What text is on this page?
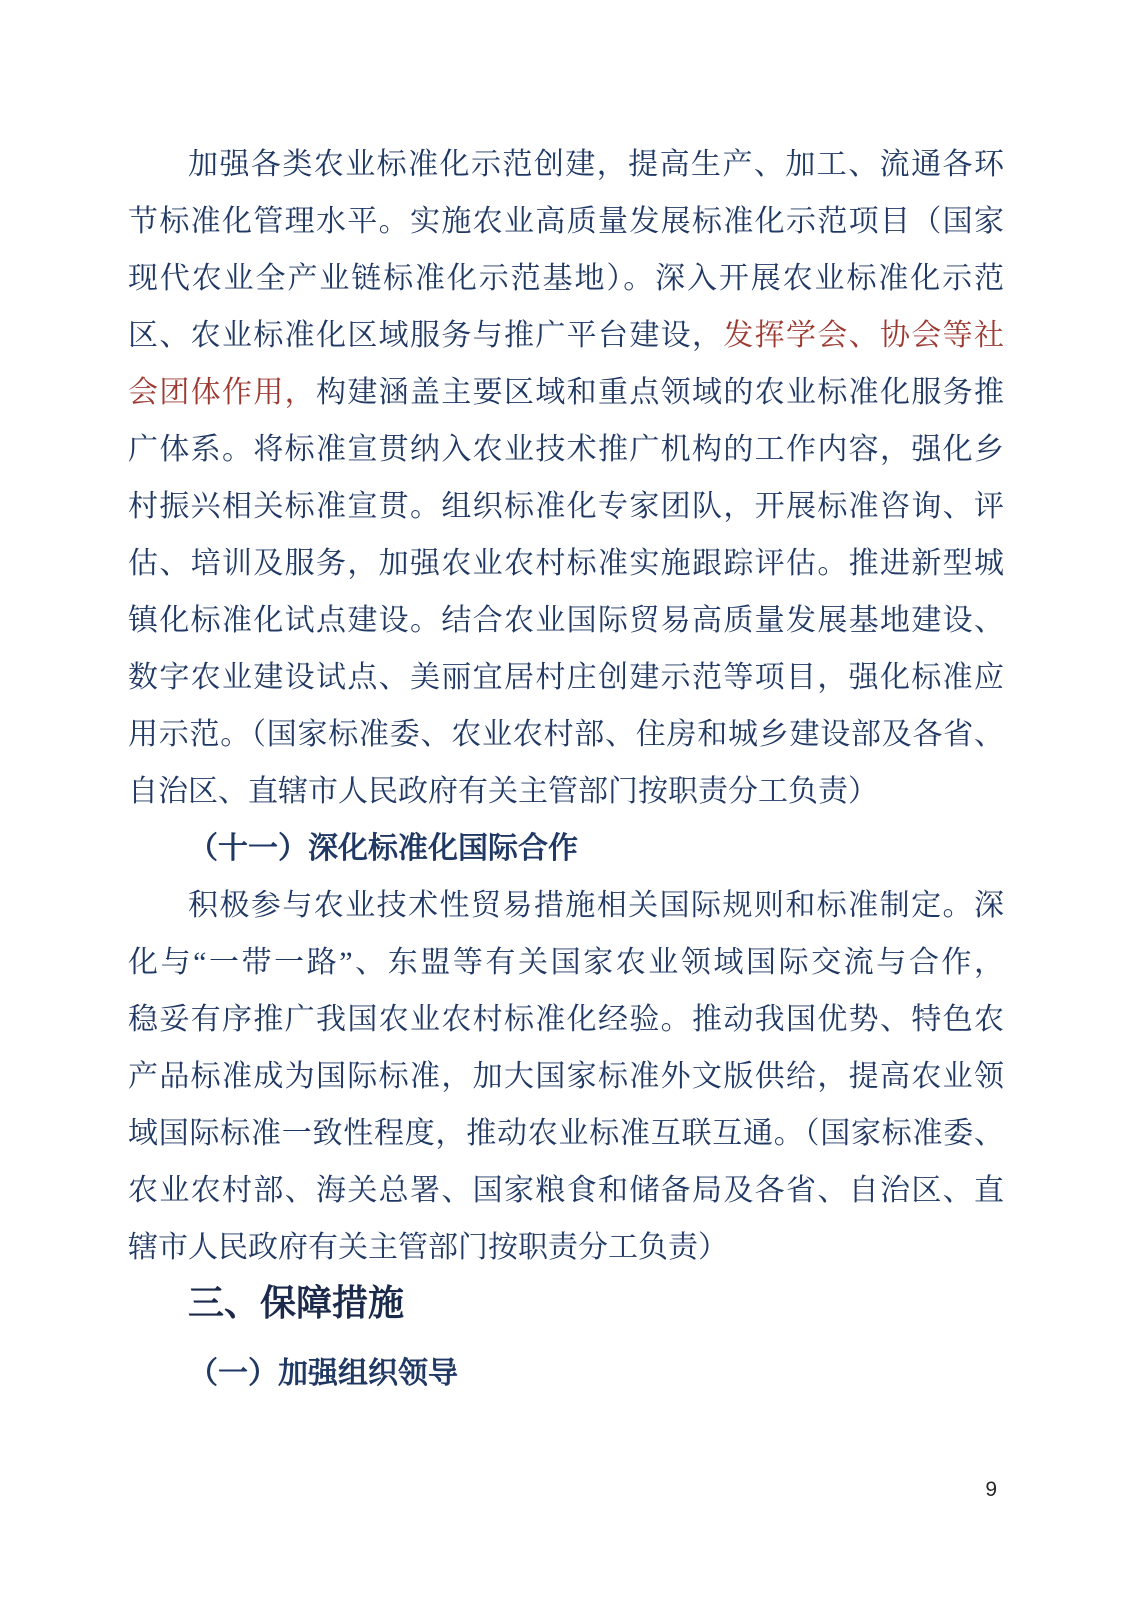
加强各类农业标准化示范创建，提高生产、加工、流通各环
节标准化管理水平。实施农业高质量发展标准化示范项目（国家
现代农业全产业链标准化示范基地）。深入开展农业标准化示范
区、农业标准化区域服务与推广平台建设，发挥学会、协会等社
会团体作用，构建涵盖主要区域和重点领域的农业标准化服务推
广体系。将标准宣贯纳入农业技术推广机构的工作内容，强化乡
村振兴相关标准宣贯。组织标准化专家团队，开展标准咨询、评
估、培训及服务，加强农业农村标准实施跟踪评估。推进新型城
镇化标准化试点建设。结合农业国际贸易高质量发展基地建设、
数字农业建设试点、美丽宜居村庄创建示范等项目，强化标准应
用示范。（国家标准委、农业农村部、住房和城乡建设部及各省、
自治区、直辖市人民政府有关主管部门按职责分工负责）
（十一）深化标准化国际合作
积极参与农业技术性贸易措施相关国际规则和标准制定。深
化与“一带一路”、东盟等有关国家农业领域国际交流与合作，
稳妥有序推广我国农业农村标准化经验。推动我国优势、特色农
产品标准成为国际标准，加大国家标准外文版供给，提高农业领
域国际标准一致性程度，推动农业标准互联互通。（国家标准委、
农业农村部、海关总署、国家粮食和储备局及各省、自治区、直
辖市人民政府有关主管部门按职责分工负责）
三、保障措施
（一）加强组织领导
9
